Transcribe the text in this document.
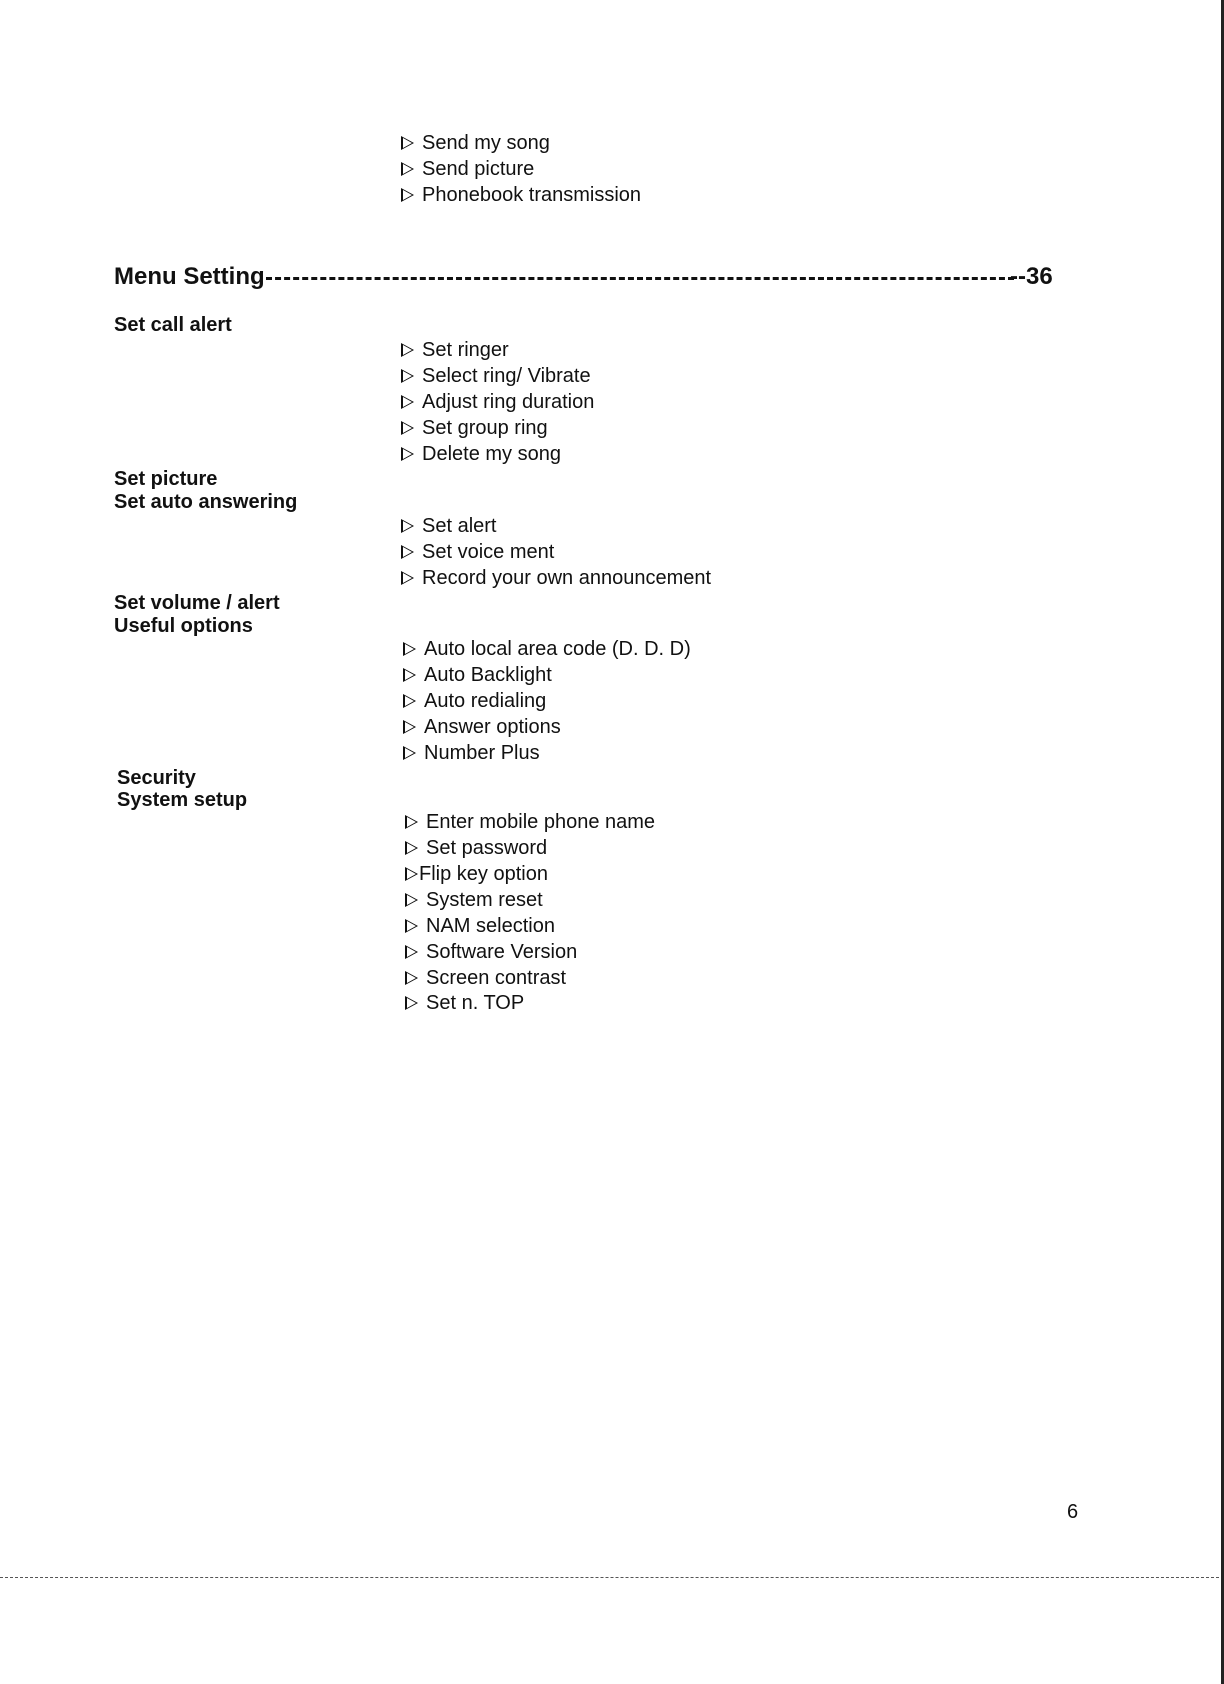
Send my song
Send picture
Phonebook transmission
Menu Setting	--36
Set call alert
Set ringer
Select ring/ Vibrate
Adjust ring duration
Set group ring
Delete my song
Set picture
Set auto answering
Set alert
Set voice ment
Record your own announcement
Set volume / alert
Useful options
Auto local area code (D. D. D)
Auto Backlight
Auto redialing
Answer options
Number Plus
Security
System setup
Enter mobile phone name
Set password
Flip key option
System reset
NAM selection
Software Version
Screen contrast
Set n. TOP
6
